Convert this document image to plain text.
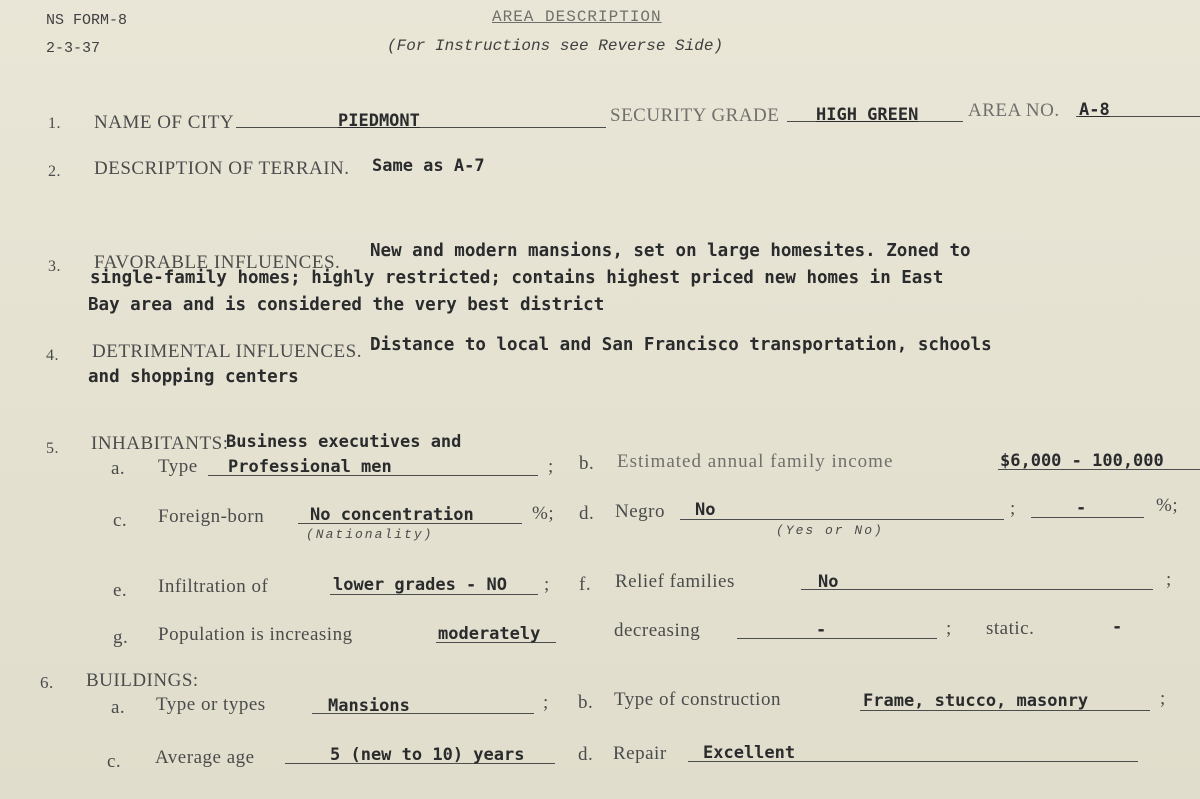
NS FORM-8
2-3-37
AREA DESCRIPTION
(For Instructions see Reverse Side)
1. NAME OF CITY	PIEDMONT	SECURITY GRADE HIGH GREEN	AREA NO. A-8
2. DESCRIPTION OF TERRAIN. Same as A-7
3. FAVORABLE INFLUENCES.
New and modern mansions, set on large homesites. Zoned to
single-family homes; highly restricted; contains highest priced new homes in East
Bay area and is considered the very best district
4. DETRIMENTAL INFLUENCES. Distance to local and San Francisco transportation, schools
and shopping centers
5. INHABITANTS:
Business executives and
a. Type Professional men	; b. Estimated annual family income	$6,000 - 100,000
c. Foreign-born	No concentration	%;
(Nationality)
d. Negro No	;	-	%;
(Yes or No)
e. Infiltration of	lower grades - NO ; f. Relief families	No	;
g. Population is increasing	moderately	decreasing	-	; static.	-
6. BUILDINGS:
a. Type or types	Mansions	; b. Type of construction	Frame, stucco, masonry	;
c. Average age	5 (new to 10) years	d. Repair Excellent
